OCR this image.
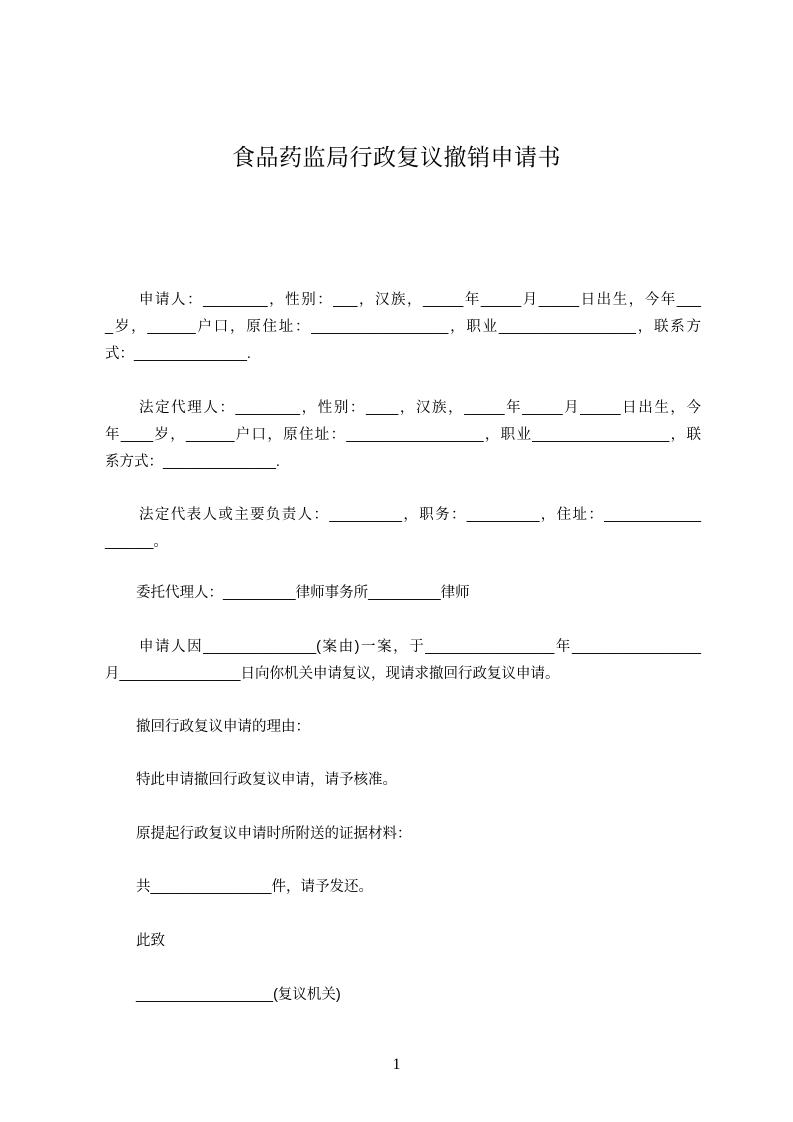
食品药监局行政复议撤销申请书
申请人：________，性别：___，汉族，_____年_____月_____日出生，今年___
_岁，______户口，原住址：_________________，职业_________________，联系方
式：______________.
法定代理人：________，性别：____，汉族，_____年_____月_____日出生，今
年____岁，______户口，原住址：_________________，职业_________________，联
系方式：______________.
法定代表人或主要负责人：_________，职务：_________，住址：____________
______。
委托代理人：_________律师事务所_________律师
申请人因______________(案由)一案，于________________年________________
月_______________日向你机关申请复议，现请求撤回行政复议申请。
撤回行政复议申请的理由：
特此申请撤回行政复议申请，请予核准。
原提起行政复议申请时所附送的证据材料：
共_______________件，请予发还。
此致
_________________(复议机关)
1
